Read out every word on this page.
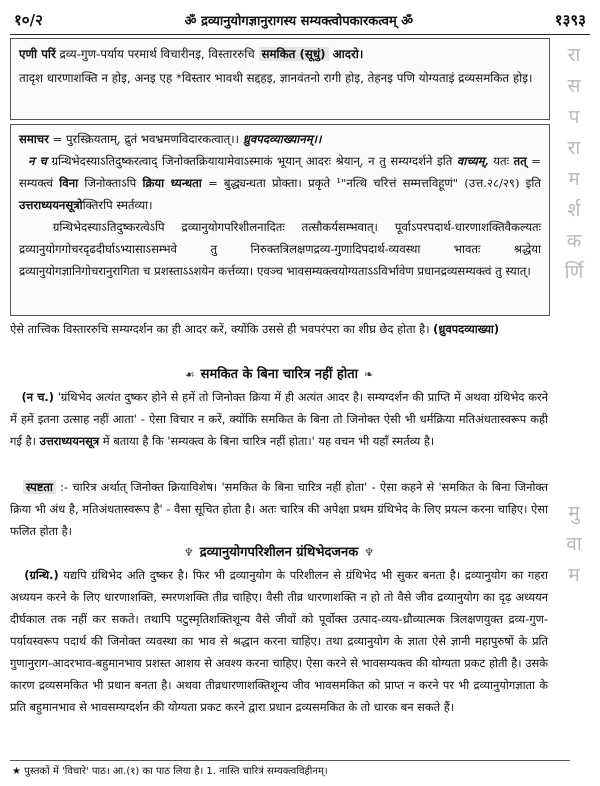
१०/२	ॐ द्रव्यानुयोगज्ञानुरागस्य सम्यक्त्वोपकारकत्वम् ॐ	१३९३

एणी परिं द्रव्य-गुण-पर्याय परमार्थ विचारीनइ, विस्ताररुचि समकित (सूधुं) आदरो।

तादृश धारणाशक्ति न होइ, अनइ एह *विस्तार भावथी सद्दहइ, ज्ञानवंतनो रागी होइ, तेहनइ पणि योग्यताइं द्रव्यसमकित होइ।

समाचर = पुरस्क्रियताम्, द्रुतं भवभ्रमणविदारकत्वात्।। ध्रुवपदव्याख्यानम्।।

न च ग्रन्थिभेदस्याऽतिदुष्करत्वाद् जिनोक्तक्रियायामेवाऽस्माकं भूयान् आदरः श्रेयान्, न तु सम्यग्दर्शने इति वाच्यम्, यतः तत् = सम्यक्त्वं विना जिनोक्ताऽपि क्रिया ध्यन्धता = बुद्ध्यन्धता प्रोक्ता। प्रकृते ¹"नत्थि चरित्तं सम्मत्तविहूणं" (उत्त.२८/२९) इति उत्तराध्ययनसूत्रोक्तिरपि स्मर्तव्या।

ग्रन्थिभेदस्याऽतिदुष्करत्वेऽपि द्रव्यानुयोगपरिशीलनादितः तत्सौकर्यसम्भवात्। पूर्वाऽपरपदार्थ-धारणाशक्तिवैकल्यतः द्रव्यानुयोगगोचरदृढदीर्घाऽभ्यासाऽसम्भवे तु निरुक्तत्रिलक्षणद्रव्य-गुणादिपदार्थ-व्यवस्था भावतः श्रद्धेया द्रव्यानुयोगज्ञानिगोचरानुरागिता च प्रशस्ताऽऽशयेन कर्त्तव्या। एवञ्च भावसम्यक्त्वयोग्यताऽऽविर्भावेण प्रधानद्रव्यसम्यक्त्वं तु स्यात्।

रा
स
प
रा
म
र्श
क
र्णि
मु
वा
म

ऐसे तात्त्विक विस्ताररुचि सम्यग्दर्शन का ही आदर करें, क्योंकि उससे ही भवपरंपरा का शीघ्र छेद होता है। (ध्रुवपदव्याख्या)

☙ समकित के बिना चारित्र नहीं होता ❧

(न च.) 'ग्रंथिभेद अत्यंत दुष्कर होने से हमें तो जिनोक्त क्रिया में ही अत्यंत आदर है। सम्यग्दर्शन की प्राप्ति में अथवा ग्रंथिभेद करने में हमें इतना उत्साह नहीं आता' - ऐसा विचार न करें, क्योंकि समकित के बिना तो जिनोक्त ऐसी भी धर्मक्रिया मतिअंधतास्वरूप कही गई है। उत्तराध्ययनसूत्र में बताया है कि 'सम्यक्त्व के बिना चारित्र नहीं होता।' यह वचन भी यहाँ स्मर्तव्य है।

स्पष्टता :- चारित्र अर्थात् जिनोक्त क्रियाविशेष। 'समकित के बिना चारित्र नहीं होता' - ऐसा कहने से 'समकित के बिना जिनोक्त क्रिया भी अंध है, मतिअंधतास्वरूप है' - वैसा सूचित होता है। अतः चारित्र की अपेक्षा प्रथम ग्रंथिभेद के लिए प्रयत्न करना चाहिए। ऐसा फलित होता है।

♆ द्रव्यानुयोगपरिशीलन ग्रंथिभेदजनक ♆

(ग्रन्थि.) यद्यपि ग्रंथिभेद अति दुष्कर है। फिर भी द्रव्यानुयोग के परिशीलन से ग्रंथिभेद भी सुकर बनता है। द्रव्यानुयोग का गहरा अध्ययन करने के लिए धारणाशक्ति, स्मरणशक्ति तीव्र चाहिए। वैसी तीव्र धारणाशक्ति न हो तो वैसे जीव द्रव्यानुयोग का दृढ़ अध्ययन दीर्घकाल तक नहीं कर सकते। तथापि पटुस्मृतिशक्तिशून्य वैसे जीवों को पूर्वोक्त उत्पाद-व्यय-ध्रौव्यात्मक त्रिलक्षणयुक्त द्रव्य-गुण-पर्यायस्वरूप पदार्थ की जिनोक्त व्यवस्था का भाव से श्रद्धान करना चाहिए। तथा द्रव्यानुयोग के ज्ञाता ऐसे ज्ञानी महापुरुषों के प्रति गुणानुराग-आदरभाव-बहुमानभाव प्रशस्त आशय से अवश्य करना चाहिए। ऐसा करने से भावसम्यक्त्व की योग्यता प्रकट होती है। उसके कारण द्रव्यसमकित भी प्रधान बनता है। अथवा तीव्रधारणाशक्तिशून्य जीव भावसमकित को प्राप्त न करने पर भी द्रव्यानुयोगज्ञाता के प्रति बहुमानभाव से भावसम्यग्दर्शन की योग्यता प्रकट करने द्वारा प्रधान द्रव्यसमकित के तो धारक बन सकते हैं।

★ पुस्तकों में 'विचारे' पाठ। आ.(१) का पाठ लिया है। 1. नास्ति चारित्रं सम्यक्त्वविहीनम्।
